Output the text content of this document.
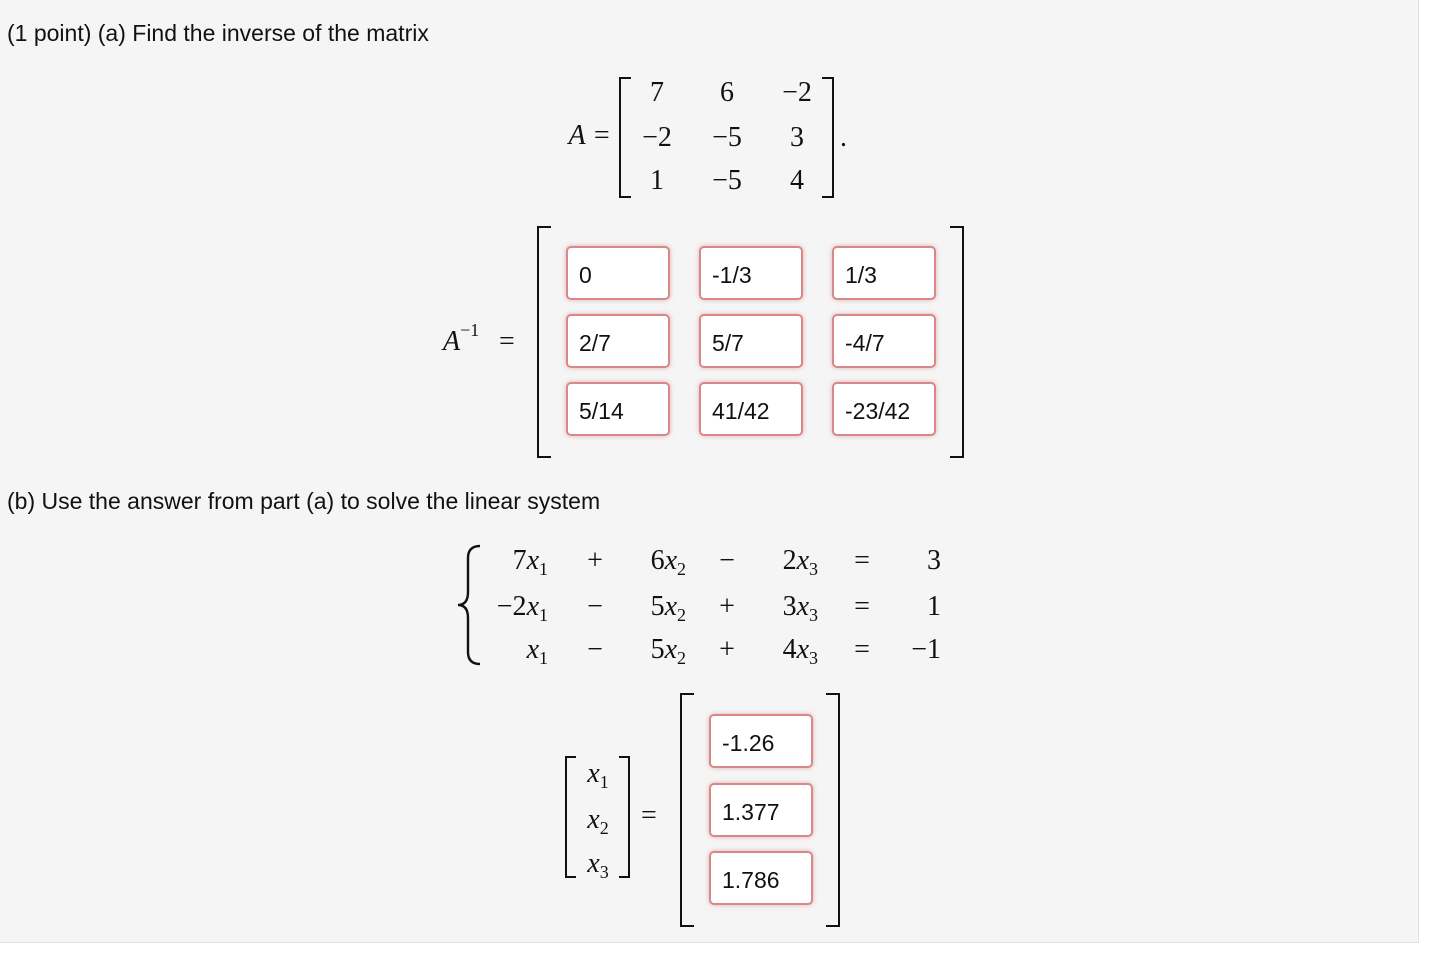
(1 point) (a) Find the inverse of the matrix
A =
7 6 −2
−2 −5 3
1 −5 4
.
$A^{-1}$ =
0	-1/3	1/3
2/7	5/7	-4/7
5/14	41/42	-23/42
(b) Use the answer from part (a) to solve the linear system
$7x_1 + 6x_2 - 2x_3 = 3$
$-2x_1 - 5x_2 + 3x_3 = 1$
$x_1 - 5x_2 + 4x_3 = -1$
$x_1$
$x_2$
$x_3$
=
-1.26
1.377
1.786
